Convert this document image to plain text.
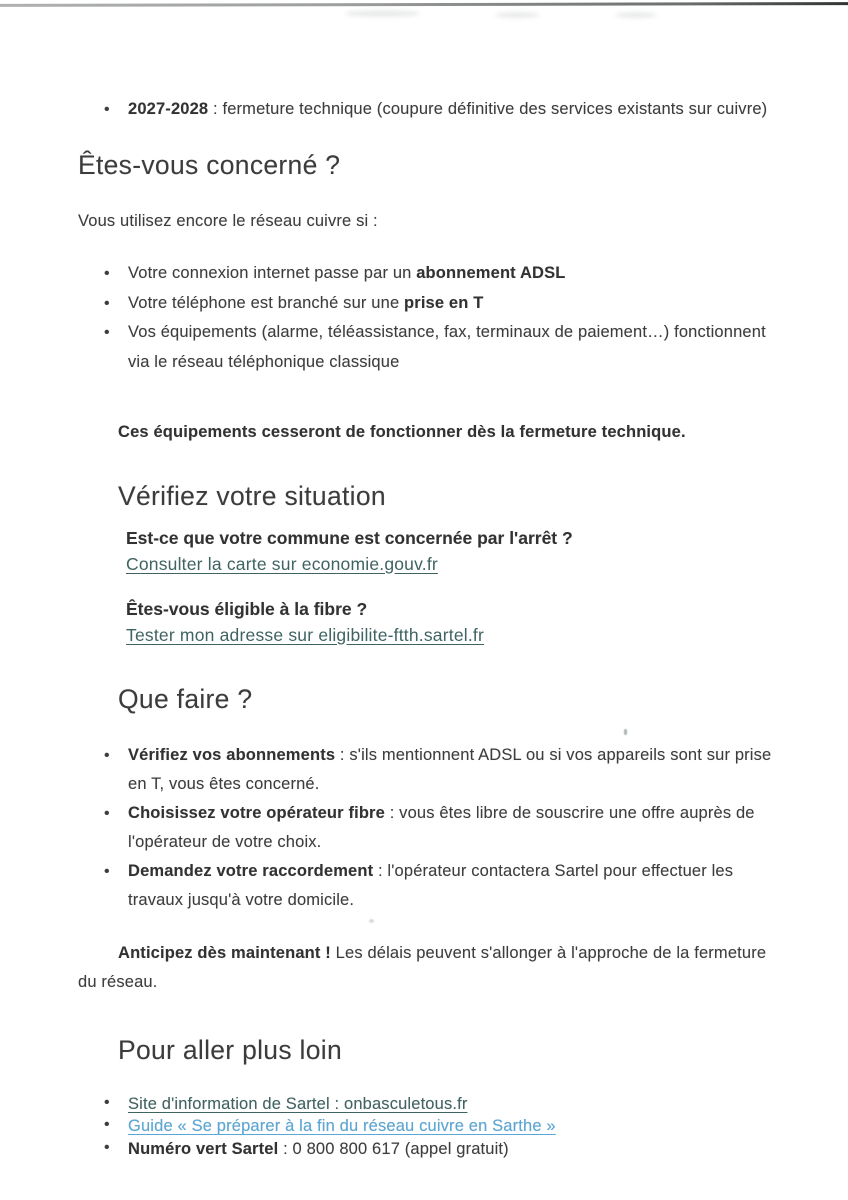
• 2027-2028 : fermeture technique (coupure définitive des services existants sur cuivre)
Êtes-vous concerné ?

Vous utilisez encore le réseau cuivre si :

• Votre connexion internet passe par un abonnement ADSL
• Votre téléphone est branché sur une prise en T
• Vos équipements (alarme, téléassistance, fax, terminaux de paiement…) fonctionnent via le réseau téléphonique classique

Ces équipements cesseront de fonctionner dès la fermeture technique.

Vérifiez votre situation
Est-ce que votre commune est concernée par l'arrêt ?
Consulter la carte sur economie.gouv.fr
Êtes-vous éligible à la fibre ?
Tester mon adresse sur eligibilite-ftth.sartel.fr
Que faire ?
• Vérifiez vos abonnements : s'ils mentionnent ADSL ou si vos appareils sont sur prise en T, vous êtes concerné.
• Choisissez votre opérateur fibre : vous êtes libre de souscrire une offre auprès de l'opérateur de votre choix.
• Demandez votre raccordement : l'opérateur contactera Sartel pour effectuer les travaux jusqu'à votre domicile.

Anticipez dès maintenant ! Les délais peuvent s'allonger à l'approche de la fermeture du réseau.

Pour aller plus loin
• Site d'information de Sartel : onbasculetous.fr
• Guide « Se préparer à la fin du réseau cuivre en Sarthe »
• Numéro vert Sartel : 0 800 800 617 (appel gratuit)
